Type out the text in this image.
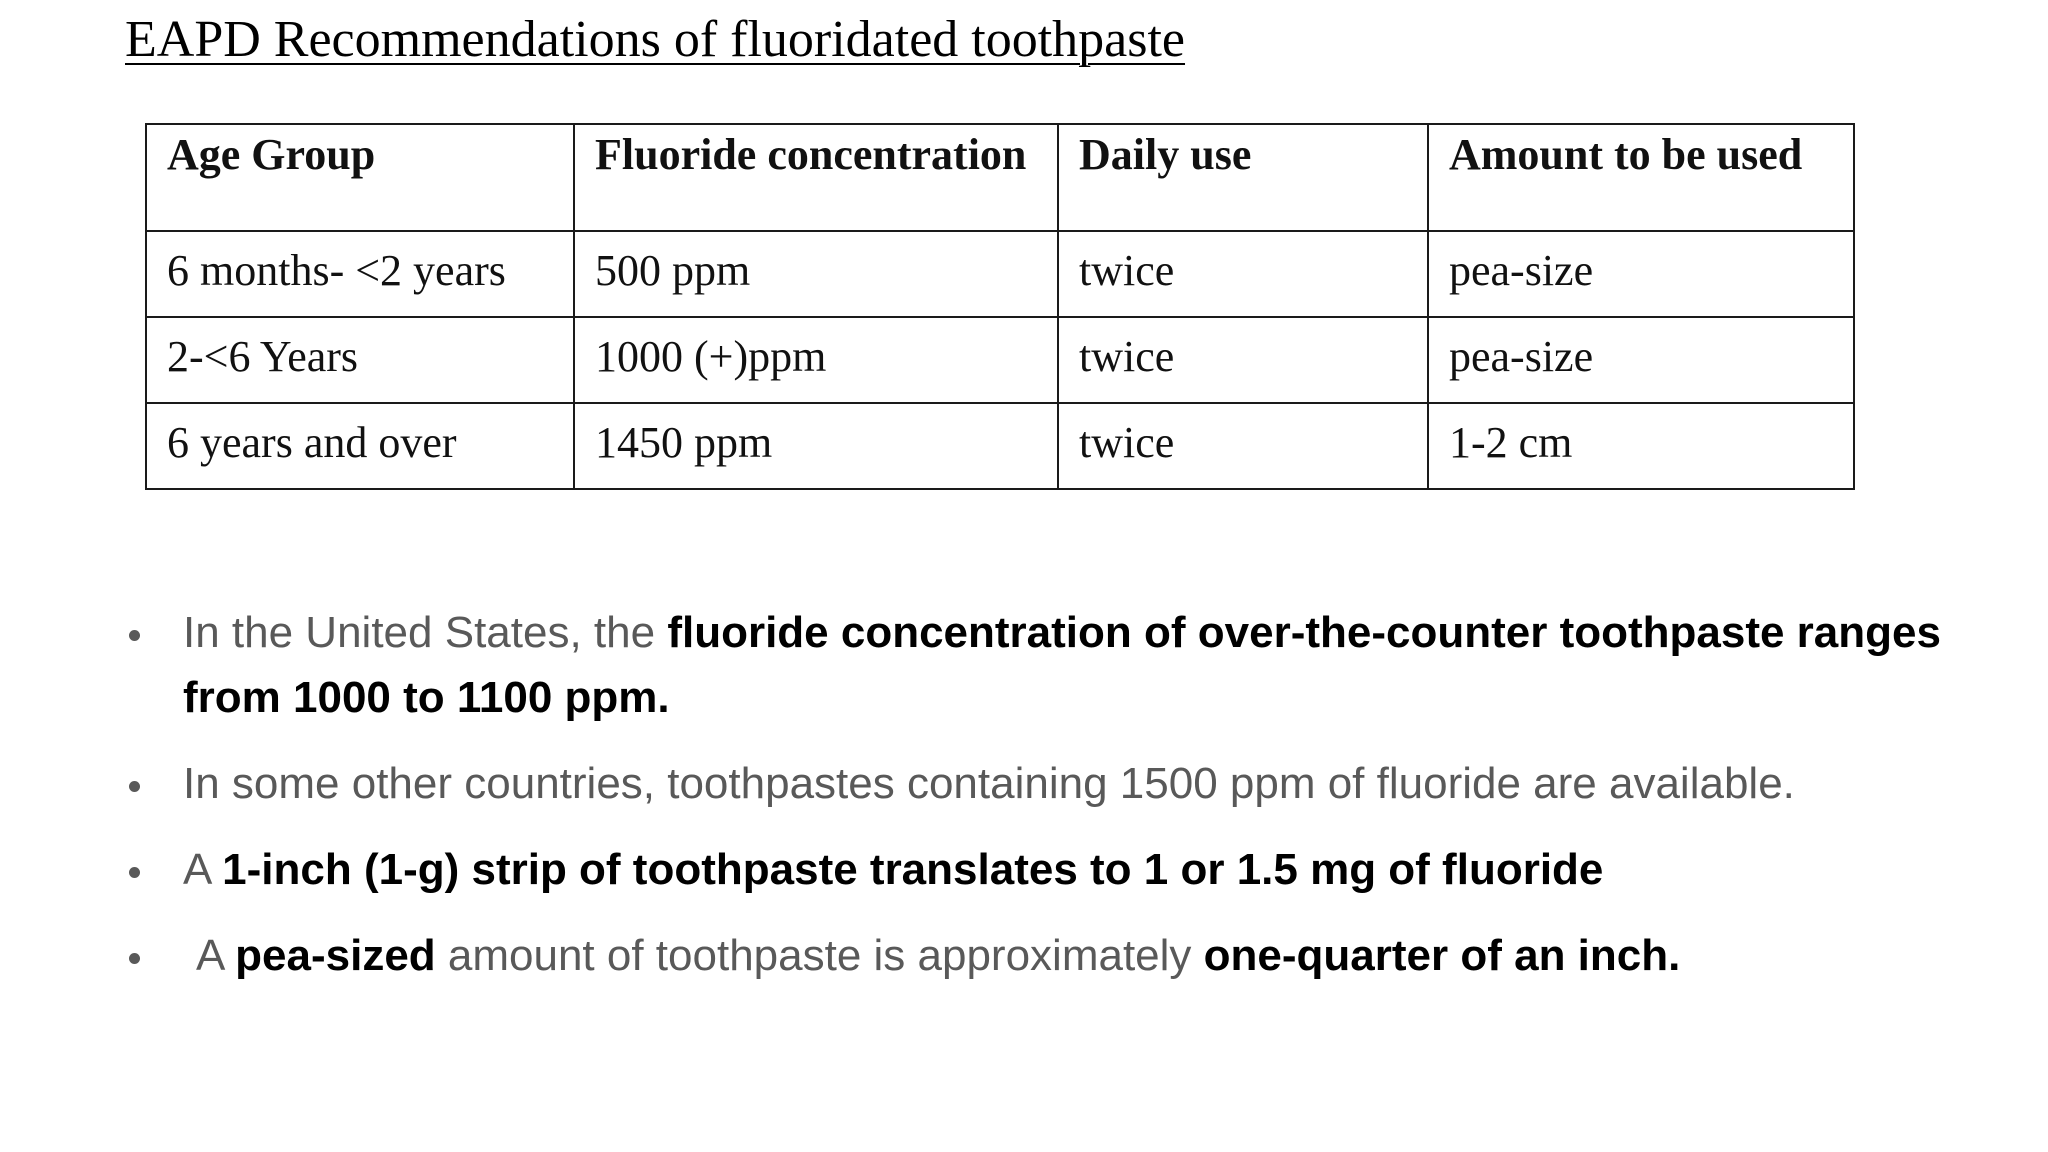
EAPD Recommendations of fluoridated toothpaste
Age Group	Fluoride concentration	Daily use	Amount to be used
6 months- <2 years	500 ppm	twice	pea-size
2-<6 Years	1000 (+)ppm	twice	pea-size
6 years and over	1450 ppm	twice	1-2 cm
In the United States, the fluoride concentration of over-the-counter toothpaste ranges from 1000 to 1100 ppm.
In some other countries, toothpastes containing 1500 ppm of fluoride are available.
A 1-inch (1-g) strip of toothpaste translates to 1 or 1.5 mg of fluoride
A pea-sized amount of toothpaste is approximately one-quarter of an inch.
